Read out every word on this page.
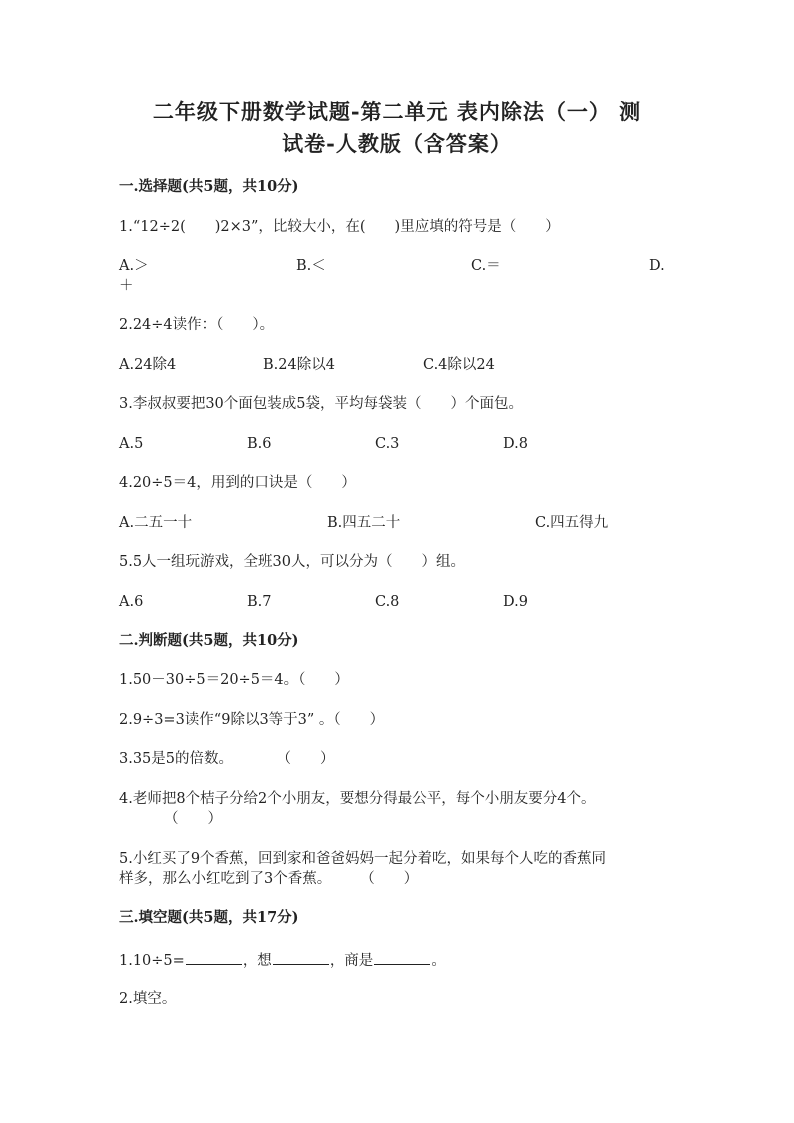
二年级下册数学试题-第二单元 表内除法（一） 测
试卷-人教版（含答案）
一.选择题(共5题，共10分)
1.“12÷2(　　)2×3”，比较大小，在(　　)里应填的符号是（　　）
A.＞	B.＜	C.＝	D.
＋
2.24÷4读作：（　　）。
A.24除4	B.24除以4	C.4除以24
3.李叔叔要把30个面包装成5袋，平均每袋装（　　）个面包。
A.5	B.6	C.3	D.8
4.20÷5＝4，用到的口诀是（　　）
A.二五一十	B.四五二十	C.四五得九
5.5人一组玩游戏，全班30人，可以分为（　　）组。
A.6	B.7	C.8	D.9
二.判断题(共5题，共10分)
1.50－30÷5＝20÷5＝4。（　　）
2.9÷3=3读作“9除以3等于3” 。（　　）
3.35是5的倍数。　　　　（　　）
4.老师把8个桔子分给2个小朋友，要想分得最公平，每个小朋友要分4个。
（　　）
5.小红买了9个香蕉，回到家和爸爸妈妈一起分着吃，如果每个人吃的香蕉同
样多，那么小红吃到了3个香蕉。　　　（　　）
三.填空题(共5题，共17分)
1.10÷5=	，想	，商是	。
2.填空。
